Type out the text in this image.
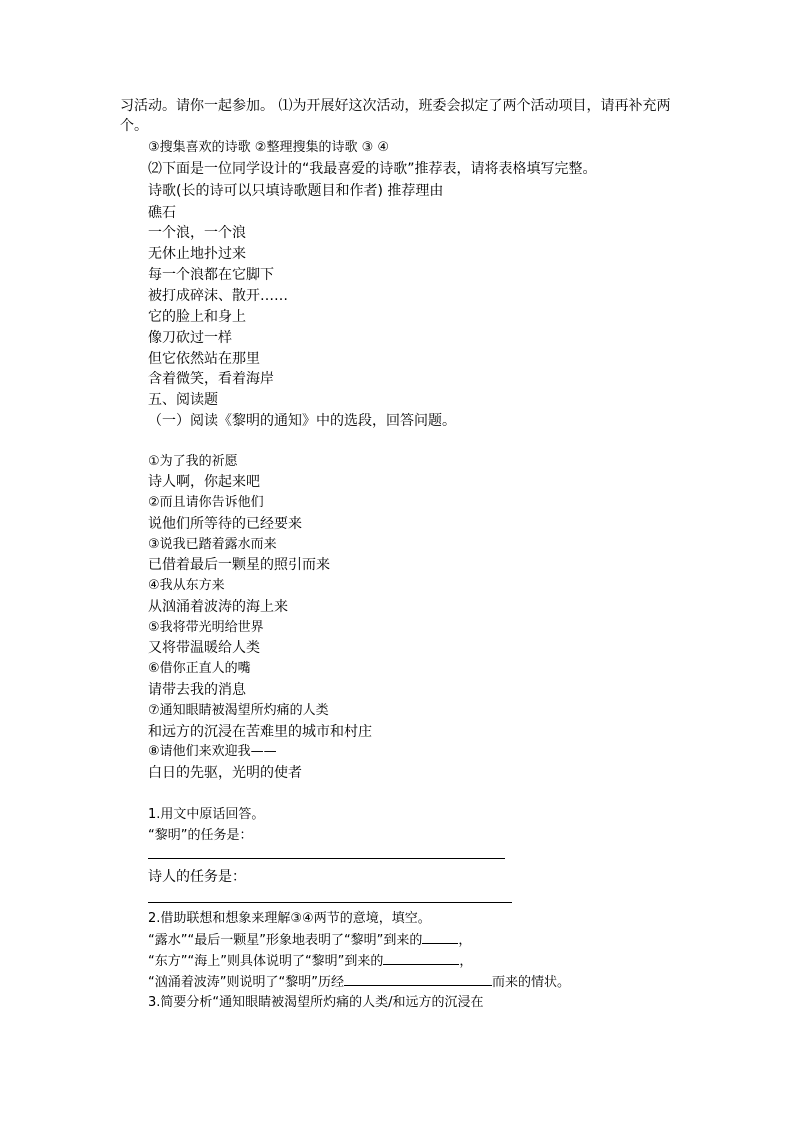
习活动。请你一起参加。 ⑴为开展好这次活动，班委会拟定了两个活动项目，请再补充两
个。
③搜集喜欢的诗歌 ②整理搜集的诗歌 ③ ④
⑵下面是一位同学设计的“我最喜爱的诗歌”推荐表，请将表格填写完整。
诗歌(长的诗可以只填诗歌题目和作者) 推荐理由
礁石
一个浪，一个浪
无休止地扑过来
每一个浪都在它脚下
被打成碎沫、散开……
它的脸上和身上
像刀砍过一样
但它依然站在那里
含着微笑，看着海岸
五、阅读题
（一）阅读《黎明的通知》中的选段，回答问题。
①为了我的祈愿
诗人啊，你起来吧
②而且请你告诉他们
说他们所等待的已经要来
③说我已踏着露水而来
已借着最后一颗星的照引而来
④我从东方来
从汹涌着波涛的海上来
⑤我将带光明给世界
又将带温暖给人类
⑥借你正直人的嘴
请带去我的消息
⑦通知眼睛被渴望所灼痛的人类
和远方的沉浸在苦难里的城市和村庄
⑧请他们来欢迎我——
白日的先驱，光明的使者
1.用文中原话回答。
“黎明”的任务是：
诗人的任务是：
2.借助联想和想象来理解③④两节的意境，填空。
“露水”“最后一颗星”形象地表明了“黎明”到来的	，
“东方”“海上”则具体说明了“黎明”到来的	，
“汹涌着波涛”则说明了“黎明”历经	而来的情状。
3.简要分析“通知眼睛被渴望所灼痛的人类/和远方的沉浸在
